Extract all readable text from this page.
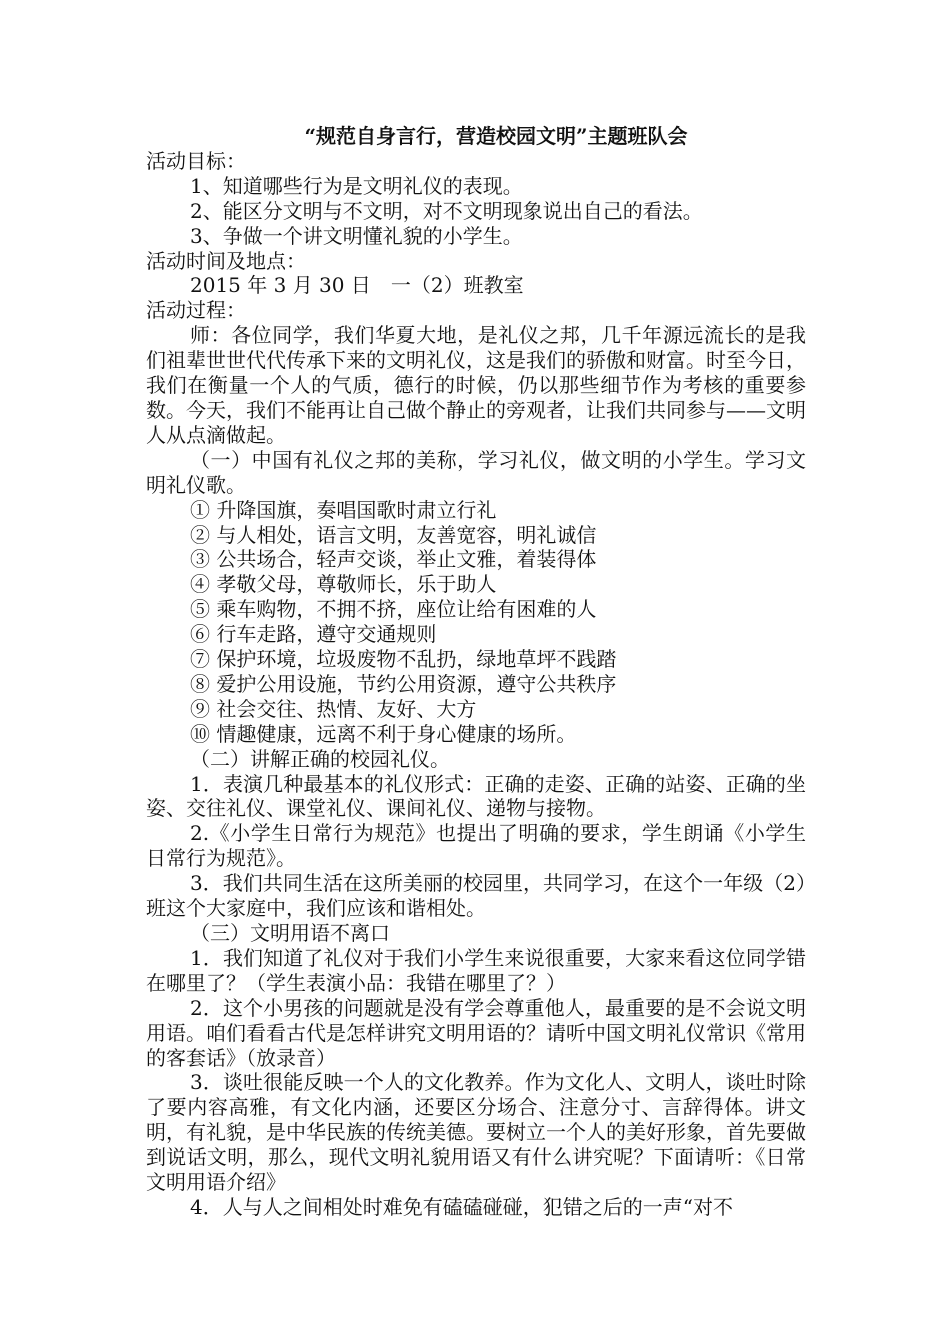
“规范自身言行，营造校园文明”主题班队会

活动目标：

1、知道哪些行为是文明礼仪的表现。

2、能区分文明与不文明，对不文明现象说出自己的看法。

3、争做一个讲文明懂礼貌的小学生。

活动时间及地点：

2015 年 3 月 30 日　一（2）班教室

活动过程：

师：各位同学，我们华夏大地，是礼仪之邦，几千年源远流长的是我们祖辈世世代代传承下来的文明礼仪，这是我们的骄傲和财富。时至今日，我们在衡量一个人的气质，德行的时候，仍以那些细节作为考核的重要参数。今天，我们不能再让自己做个静止的旁观者，让我们共同参与——文明人从点滴做起。

（一）中国有礼仪之邦的美称，学习礼仪，做文明的小学生。学习文明礼仪歌。

① 升降国旗，奏唱国歌时肃立行礼

② 与人相处，语言文明，友善宽容，明礼诚信

③ 公共场合，轻声交谈，举止文雅，着装得体

④ 孝敬父母，尊敬师长，乐于助人

⑤ 乘车购物，不拥不挤，座位让给有困难的人

⑥ 行车走路，遵守交通规则

⑦ 保护环境，垃圾废物不乱扔，绿地草坪不践踏

⑧ 爱护公用设施，节约公用资源，遵守公共秩序

⑨ 社会交往、热情、友好、大方

⑩ 情趣健康，远离不利于身心健康的场所。

（二）讲解正确的校园礼仪。

1．表演几种最基本的礼仪形式：正确的走姿、正确的站姿、正确的坐姿、交往礼仪、课堂礼仪、课间礼仪、递物与接物。

2.《小学生日常行为规范》也提出了明确的要求，学生朗诵《小学生日常行为规范》。

3．我们共同生活在这所美丽的校园里，共同学习，在这个一年级（2）班这个大家庭中，我们应该和谐相处。

（三）文明用语不离口

1．我们知道了礼仪对于我们小学生来说很重要，大家来看这位同学错在哪里了？（学生表演小品：我错在哪里了？）

2．这个小男孩的问题就是没有学会尊重他人，最重要的是不会说文明用语。咱们看看古代是怎样讲究文明用语的？请听中国文明礼仪常识《常用的客套话》（放录音）

3．谈吐很能反映一个人的文化教养。作为文化人、文明人，谈吐时除了要内容高雅，有文化内涵，还要区分场合、注意分寸、言辞得体。讲文明，有礼貌，是中华民族的传统美德。要树立一个人的美好形象，首先要做到说话文明，那么，现代文明礼貌用语又有什么讲究呢？下面请听：《日常文明用语介绍》

4．人与人之间相处时难免有磕磕碰碰，犯错之后的一声“对不
